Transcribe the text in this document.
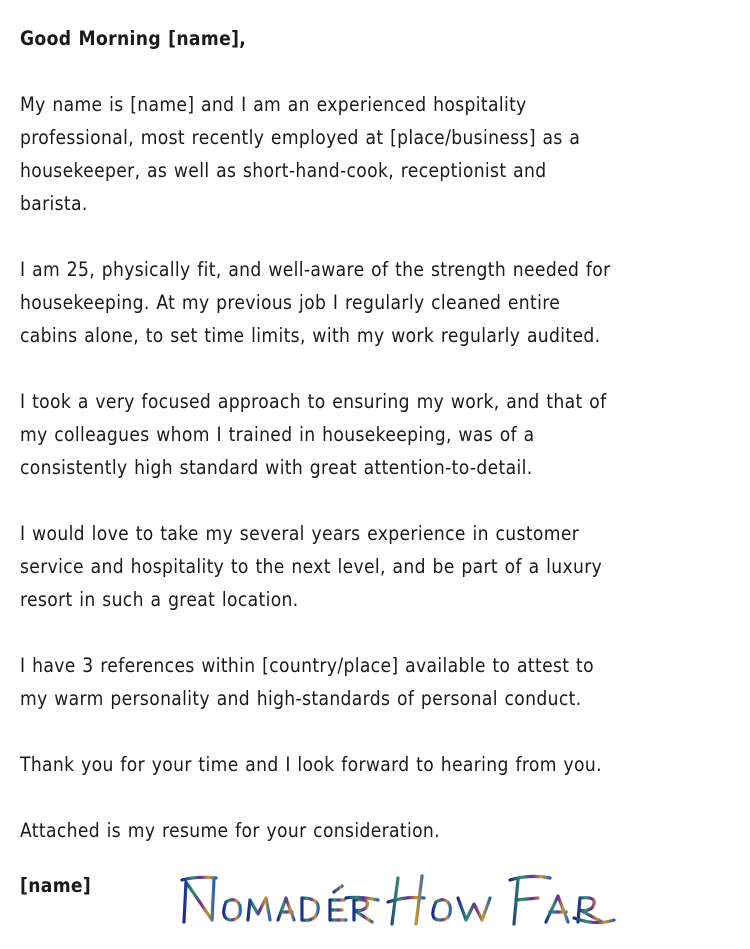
Good Morning [name],
My name is [name] and I am an experienced hospitality
professional, most recently employed at [place/business] as a
housekeeper, as well as short-hand-cook, receptionist and
barista.
I am 25, physically fit, and well-aware of the strength needed for
housekeeping. At my previous job I regularly cleaned entire
cabins alone, to set time limits, with my work regularly audited.
I took a very focused approach to ensuring my work, and that of
my colleagues whom I trained in housekeeping, was of a
consistently high standard with great attention-to-detail.
I would love to take my several years experience in customer
service and hospitality to the next level, and be part of a luxury
resort in such a great location.
I have 3 references within [country/place] available to attest to
my warm personality and high-standards of personal conduct.
Thank you for your time and I look forward to hearing from you.
Attached is my resume for your consideration.
[name]
